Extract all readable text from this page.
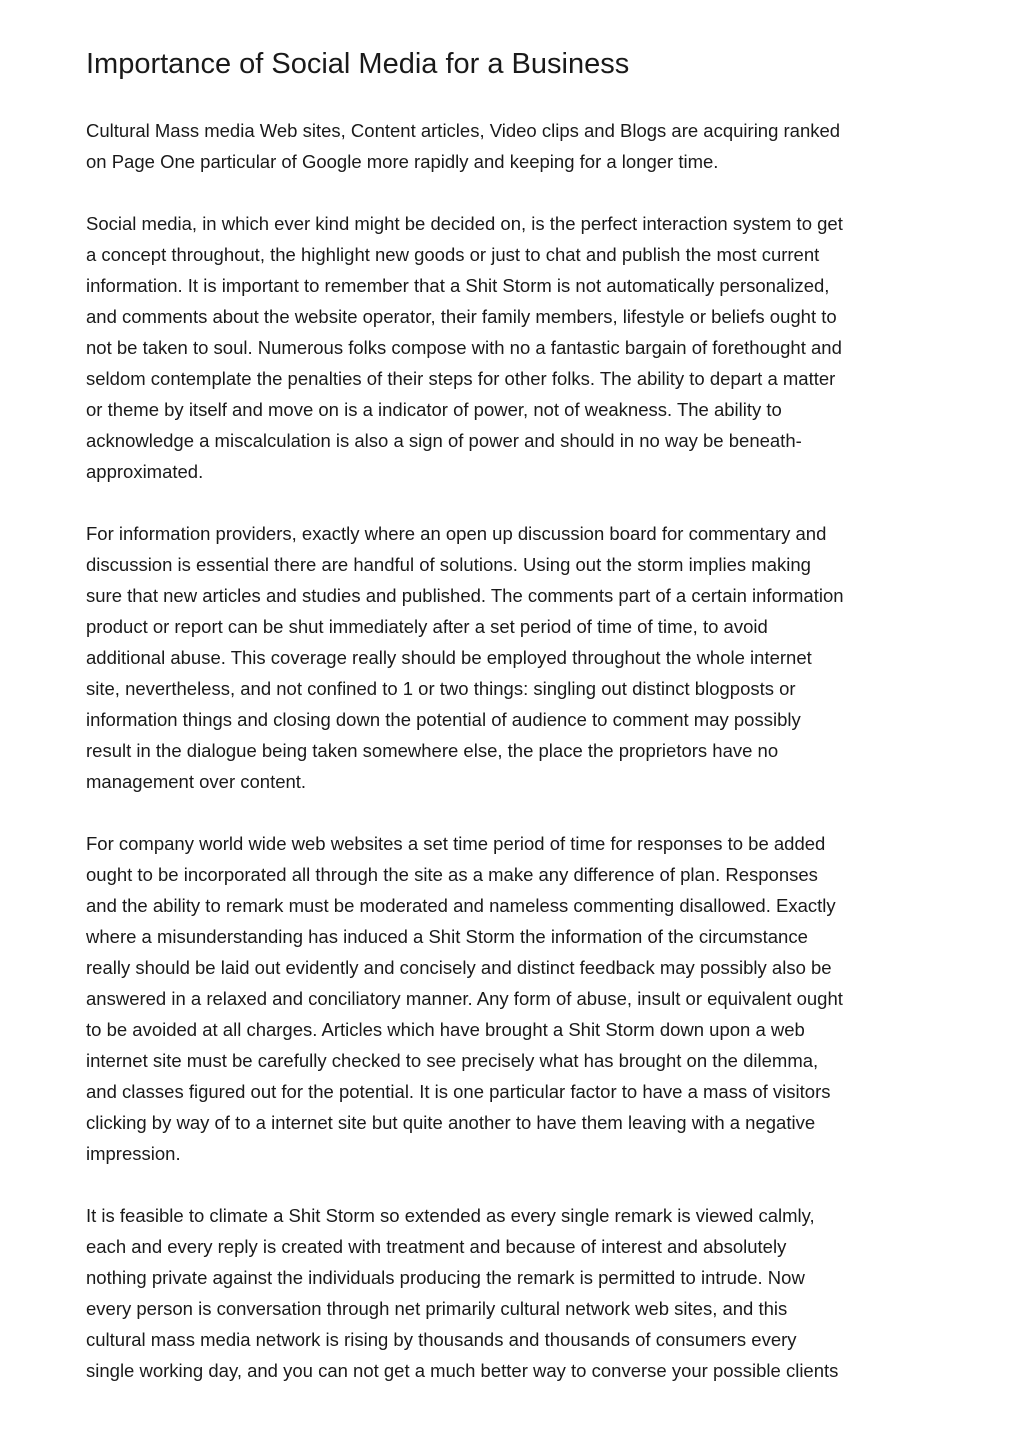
Importance of Social Media for a Business
Cultural Mass media Web sites, Content articles, Video clips and Blogs are acquiring ranked
on Page One particular of Google more rapidly and keeping for a longer time.
Social media, in which ever kind might be decided on, is the perfect interaction system to get
a concept throughout, the highlight new goods or just to chat and publish the most current
information. It is important to remember that a Shit Storm is not automatically personalized,
and comments about the website operator, their family members, lifestyle or beliefs ought to
not be taken to soul. Numerous folks compose with no a fantastic bargain of forethought and
seldom contemplate the penalties of their steps for other folks. The ability to depart a matter
or theme by itself and move on is a indicator of power, not of weakness. The ability to
acknowledge a miscalculation is also a sign of power and should in no way be beneath-
approximated.
For information providers, exactly where an open up discussion board for commentary and
discussion is essential there are handful of solutions. Using out the storm implies making
sure that new articles and studies and published. The comments part of a certain information
product or report can be shut immediately after a set period of time of time, to avoid
additional abuse. This coverage really should be employed throughout the whole internet
site, nevertheless, and not confined to 1 or two things: singling out distinct blogposts or
information things and closing down the potential of audience to comment may possibly
result in the dialogue being taken somewhere else, the place the proprietors have no
management over content.
For company world wide web websites a set time period of time for responses to be added
ought to be incorporated all through the site as a make any difference of plan. Responses
and the ability to remark must be moderated and nameless commenting disallowed. Exactly
where a misunderstanding has induced a Shit Storm the information of the circumstance
really should be laid out evidently and concisely and distinct feedback may possibly also be
answered in a relaxed and conciliatory manner. Any form of abuse, insult or equivalent ought
to be avoided at all charges. Articles which have brought a Shit Storm down upon a web
internet site must be carefully checked to see precisely what has brought on the dilemma,
and classes figured out for the potential. It is one particular factor to have a mass of visitors
clicking by way of to a internet site but quite another to have them leaving with a negative
impression.
It is feasible to climate a Shit Storm so extended as every single remark is viewed calmly,
each and every reply is created with treatment and because of interest and absolutely
nothing private against the individuals producing the remark is permitted to intrude. Now
every person is conversation through net primarily cultural network web sites, and this
cultural mass media network is rising by thousands and thousands of consumers every
single working day, and you can not get a much better way to converse your possible clients
